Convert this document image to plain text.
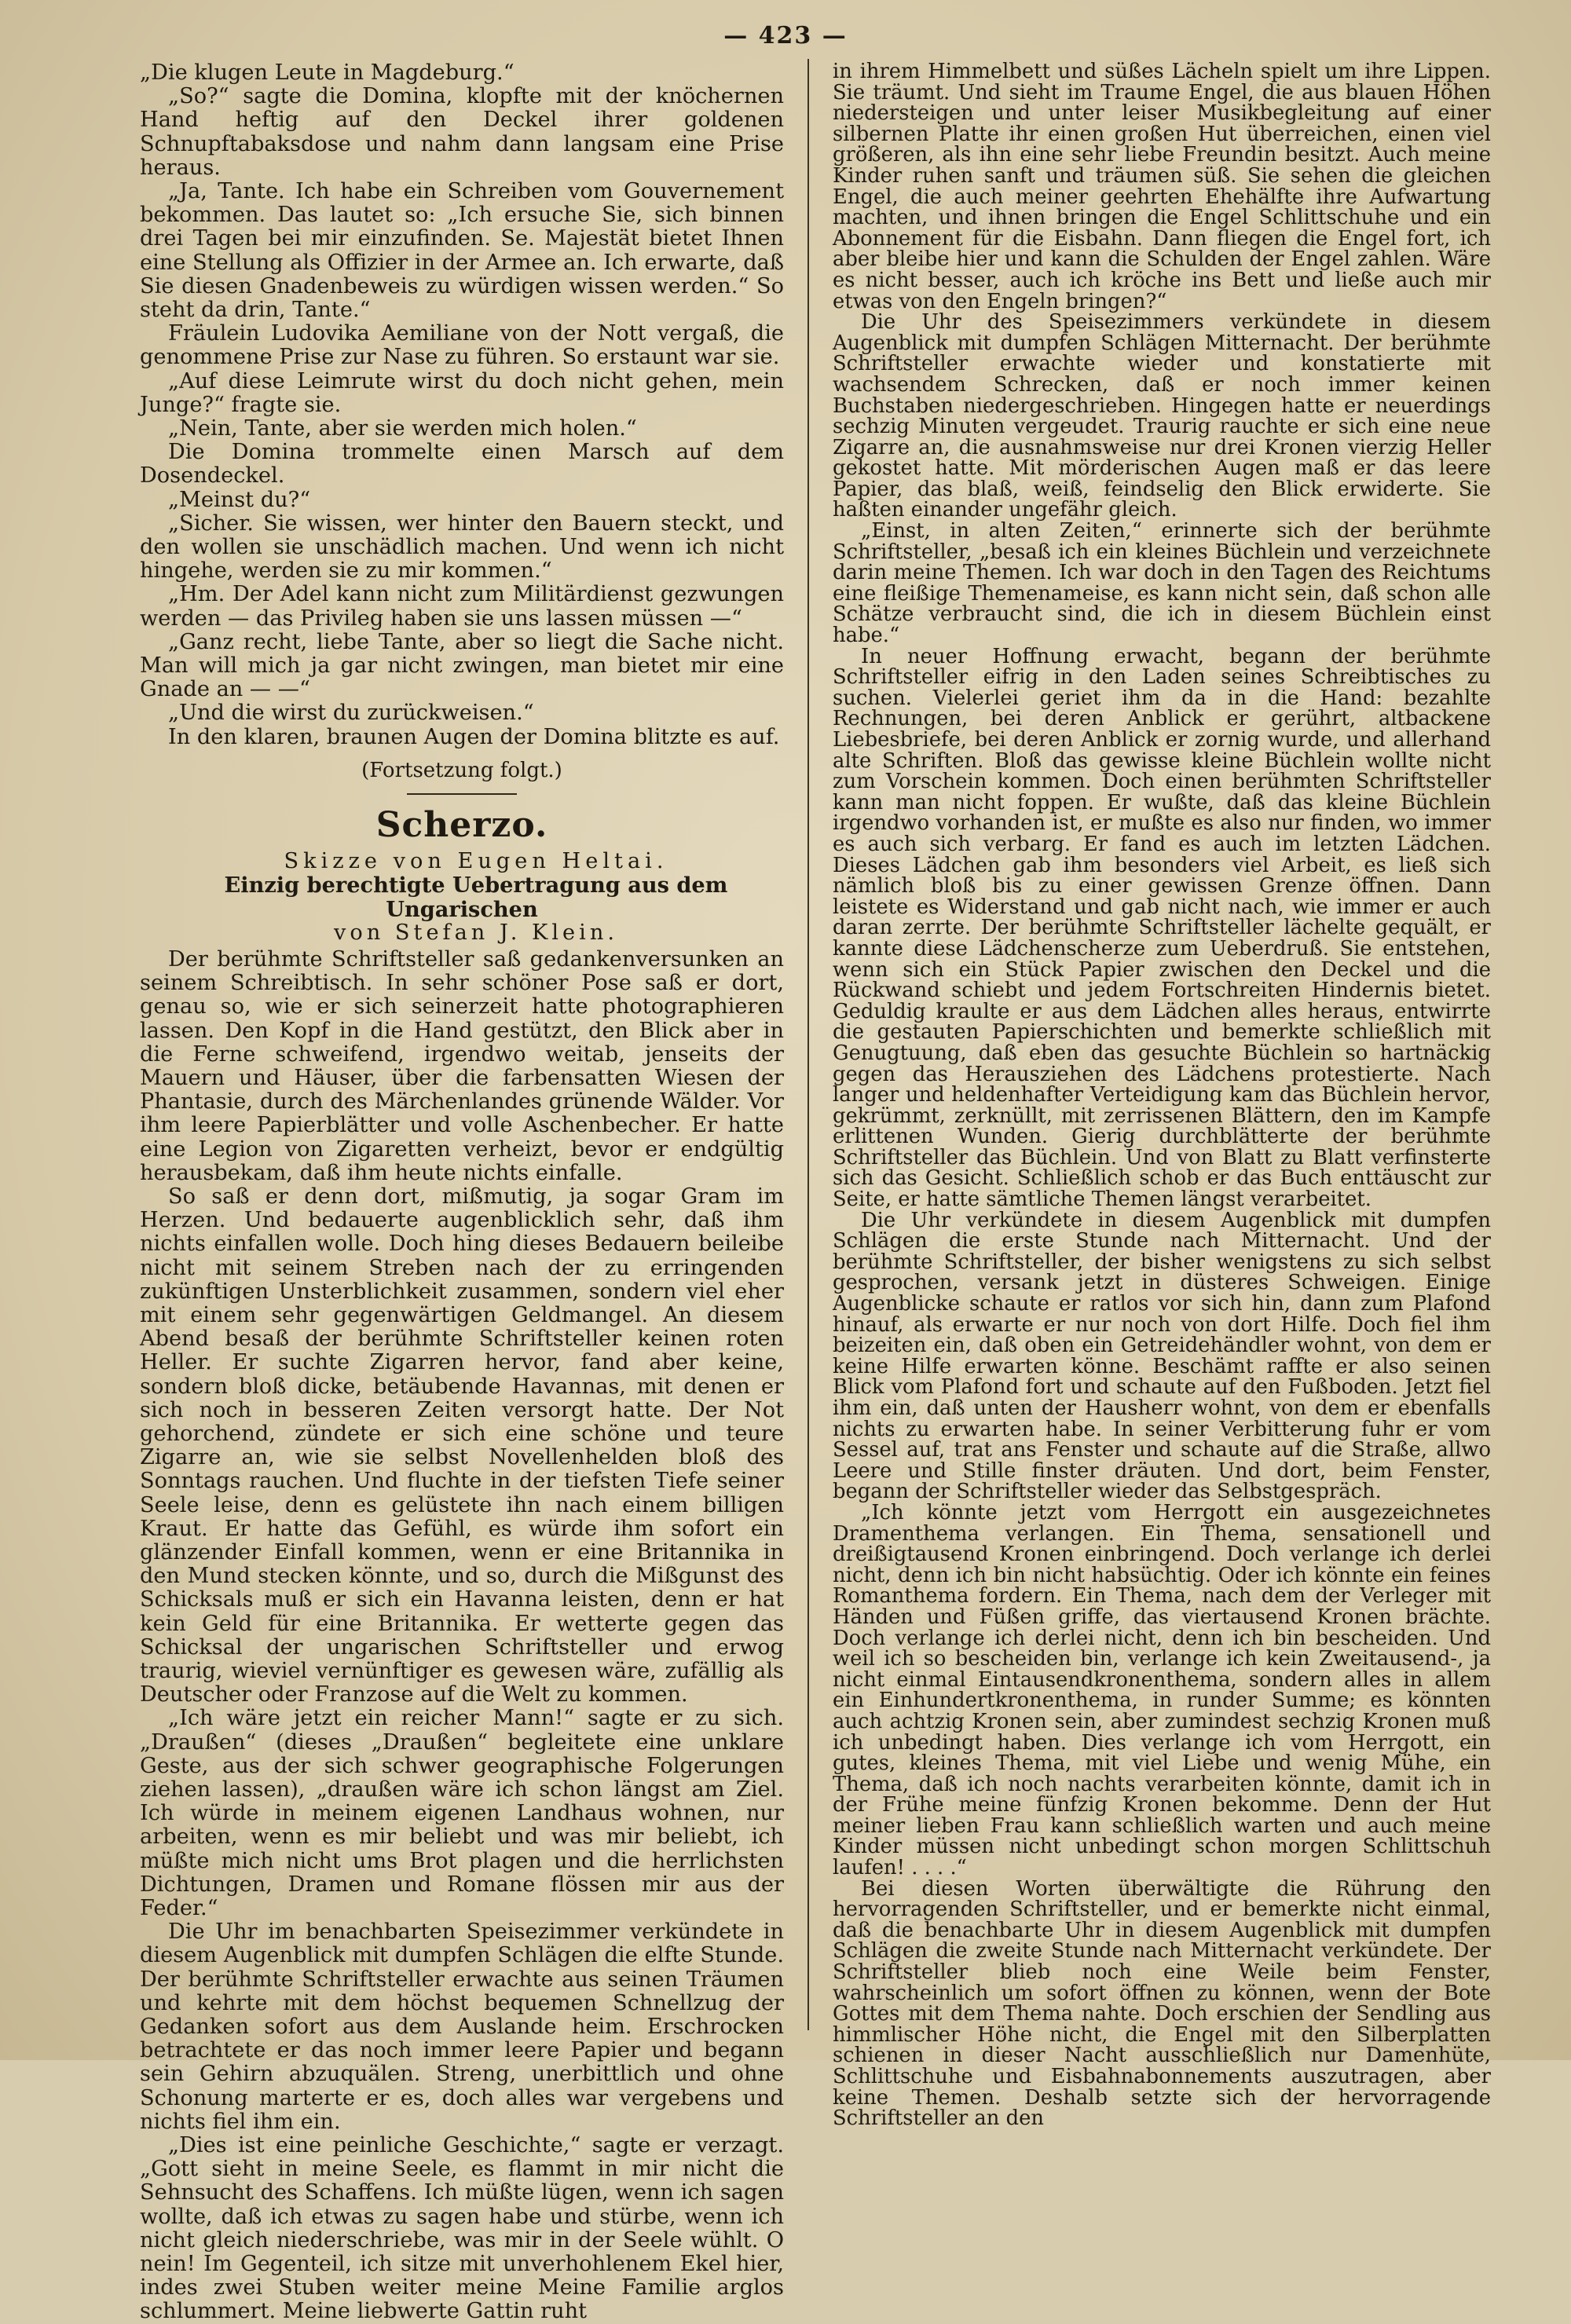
— 423 —

„Die klugen Leute in Magdeburg.“

„So?“ sagte die Domina, klopfte mit der knöchernen Hand heftig auf den Deckel ihrer goldenen Schnupftabaksdose und nahm dann langsam eine Prise heraus.

„Ja, Tante. Ich habe ein Schreiben vom Gouvernement bekommen. Das lautet so: „Ich ersuche Sie, sich binnen drei Tagen bei mir einzufinden. Se. Majestät bietet Ihnen eine Stellung als Offizier in der Armee an. Ich erwarte, daß Sie diesen Gnadenbeweis zu würdigen wissen werden.“ So steht da drin, Tante.“

Fräulein Ludovika Aemiliane von der Nott vergaß, die genommene Prise zur Nase zu führen. So erstaunt war sie.

„Auf diese Leimrute wirst du doch nicht gehen, mein Junge?“ fragte sie.

„Nein, Tante, aber sie werden mich holen.“

Die Domina trommelte einen Marsch auf dem Dosendeckel.

„Meinst du?“

„Sicher. Sie wissen, wer hinter den Bauern steckt, und den wollen sie unschädlich machen. Und wenn ich nicht hingehe, werden sie zu mir kommen.“

„Hm. Der Adel kann nicht zum Militärdienst gezwungen werden — das Privileg haben sie uns lassen müssen —“

„Ganz recht, liebe Tante, aber so liegt die Sache nicht. Man will mich ja gar nicht zwingen, man bietet mir eine Gnade an — —“

„Und die wirst du zurückweisen.“

In den klaren, braunen Augen der Domina blitzte es auf.

(Fortsetzung folgt.)

Scherzo.

Skizze von Eugen Heltai.

Einzig berechtigte Uebertragung aus dem Ungarischen

von Stefan J. Klein.

Der berühmte Schriftsteller saß gedankenversunken an seinem Schreibtisch. In sehr schöner Pose saß er dort, genau so, wie er sich seinerzeit hatte photographieren lassen. Den Kopf in die Hand gestützt, den Blick aber in die Ferne schweifend, irgendwo weitab, jenseits der Mauern und Häuser, über die farbensatten Wiesen der Phantasie, durch des Märchenlandes grünende Wälder. Vor ihm leere Papierblätter und volle Aschenbecher. Er hatte eine Legion von Zigaretten verheizt, bevor er endgültig herausbekam, daß ihm heute nichts einfalle.

So saß er denn dort, mißmutig, ja sogar Gram im Herzen. Und bedauerte augenblicklich sehr, daß ihm nichts einfallen wolle. Doch hing dieses Bedauern beileibe nicht mit seinem Streben nach der zu erringenden zukünftigen Unsterblichkeit zusammen, sondern viel eher mit einem sehr gegenwärtigen Geldmangel. An diesem Abend besaß der berühmte Schriftsteller keinen roten Heller. Er suchte Zigarren hervor, fand aber keine, sondern bloß dicke, betäubende Havannas, mit denen er sich noch in besseren Zeiten versorgt hatte. Der Not gehorchend, zündete er sich eine schöne und teure Zigarre an, wie sie selbst Novellenhelden bloß des Sonntags rauchen. Und fluchte in der tiefsten Tiefe seiner Seele leise, denn es gelüstete ihn nach einem billigen Kraut. Er hatte das Gefühl, es würde ihm sofort ein glänzender Einfall kommen, wenn er eine Britannika in den Mund stecken könnte, und so, durch die Mißgunst des Schicksals muß er sich ein Havanna leisten, denn er hat kein Geld für eine Britannika. Er wetterte gegen das Schicksal der ungarischen Schriftsteller und erwog traurig, wieviel vernünftiger es gewesen wäre, zufällig als Deutscher oder Franzose auf die Welt zu kommen.

„Ich wäre jetzt ein reicher Mann!“ sagte er zu sich. „Draußen“ (dieses „Draußen“ begleitete eine unklare Geste, aus der sich schwer geographische Folgerungen ziehen lassen), „draußen wäre ich schon längst am Ziel. Ich würde in meinem eigenen Landhaus wohnen, nur arbeiten, wenn es mir beliebt und was mir beliebt, ich müßte mich nicht ums Brot plagen und die herrlichsten Dichtungen, Dramen und Romane flössen mir aus der Feder.“

Die Uhr im benachbarten Speisezimmer verkündete in diesem Augenblick mit dumpfen Schlägen die elfte Stunde. Der berühmte Schriftsteller erwachte aus seinen Träumen und kehrte mit dem höchst bequemen Schnellzug der Gedanken sofort aus dem Auslande heim. Erschrocken betrachtete er das noch immer leere Papier und begann sein Gehirn abzuquälen. Streng, unerbittlich und ohne Schonung marterte er es, doch alles war vergebens und nichts fiel ihm ein.

„Dies ist eine peinliche Geschichte,“ sagte er verzagt. „Gott sieht in meine Seele, es flammt in mir nicht die Sehnsucht des Schaffens. Ich müßte lügen, wenn ich sagen wollte, daß ich etwas zu sagen habe und stürbe, wenn ich nicht gleich niederschriebe, was mir in der Seele wühlt. O nein! Im Gegenteil, ich sitze mit unverhohlenem Ekel hier, indes zwei Stuben weiter meine Meine Familie arglos schlummert. Meine liebwerte Gattin ruht

in ihrem Himmelbett und süßes Lächeln spielt um ihre Lippen. Sie träumt. Und sieht im Traume Engel, die aus blauen Höhen niedersteigen und unter leiser Musikbegleitung auf einer silbernen Platte ihr einen großen Hut überreichen, einen viel größeren, als ihn eine sehr liebe Freundin besitzt. Auch meine Kinder ruhen sanft und träumen süß. Sie sehen die gleichen Engel, die auch meiner geehrten Ehehälfte ihre Aufwartung machten, und ihnen bringen die Engel Schlittschuhe und ein Abonnement für die Eisbahn. Dann fliegen die Engel fort, ich aber bleibe hier und kann die Schulden der Engel zahlen. Wäre es nicht besser, auch ich kröche ins Bett und ließe auch mir etwas von den Engeln bringen?“

Die Uhr des Speisezimmers verkündete in diesem Augenblick mit dumpfen Schlägen Mitternacht. Der berühmte Schriftsteller erwachte wieder und konstatierte mit wachsendem Schrecken, daß er noch immer keinen Buchstaben niedergeschrieben. Hingegen hatte er neuerdings sechzig Minuten vergeudet. Traurig rauchte er sich eine neue Zigarre an, die ausnahmsweise nur drei Kronen vierzig Heller gekostet hatte. Mit mörderischen Augen maß er das leere Papier, das blaß, weiß, feindselig den Blick erwiderte. Sie haßten einander ungefähr gleich.

„Einst, in alten Zeiten,“ erinnerte sich der berühmte Schriftsteller, „besaß ich ein kleines Büchlein und verzeichnete darin meine Themen. Ich war doch in den Tagen des Reichtums eine fleißige Themenameise, es kann nicht sein, daß schon alle Schätze verbraucht sind, die ich in diesem Büchlein einst habe.“

In neuer Hoffnung erwacht, begann der berühmte Schriftsteller eifrig in den Laden seines Schreibtisches zu suchen. Vielerlei geriet ihm da in die Hand: bezahlte Rechnungen, bei deren Anblick er gerührt, altbackene Liebesbriefe, bei deren Anblick er zornig wurde, und allerhand alte Schriften. Bloß das gewisse kleine Büchlein wollte nicht zum Vorschein kommen. Doch einen berühmten Schriftsteller kann man nicht foppen. Er wußte, daß das kleine Büchlein irgendwo vorhanden ist, er mußte es also nur finden, wo immer es auch sich verbarg. Er fand es auch im letzten Lädchen. Dieses Lädchen gab ihm besonders viel Arbeit, es ließ sich nämlich bloß bis zu einer gewissen Grenze öffnen. Dann leistete es Widerstand und gab nicht nach, wie immer er auch daran zerrte. Der berühmte Schriftsteller lächelte gequält, er kannte diese Lädchenscherze zum Ueberdruß. Sie entstehen, wenn sich ein Stück Papier zwischen den Deckel und die Rückwand schiebt und jedem Fortschreiten Hindernis bietet. Geduldig kraulte er aus dem Lädchen alles heraus, entwirrte die gestauten Papierschichten und bemerkte schließlich mit Genugtuung, daß eben das gesuchte Büchlein so hartnäckig gegen das Herausziehen des Lädchens protestierte. Nach langer und heldenhafter Verteidigung kam das Büchlein hervor, gekrümmt, zerknüllt, mit zerrissenen Blättern, den im Kampfe erlittenen Wunden. Gierig durchblätterte der berühmte Schriftsteller das Büchlein. Und von Blatt zu Blatt verfinsterte sich das Gesicht. Schließlich schob er das Buch enttäuscht zur Seite, er hatte sämtliche Themen längst verarbeitet.

Die Uhr verkündete in diesem Augenblick mit dumpfen Schlägen die erste Stunde nach Mitternacht. Und der berühmte Schriftsteller, der bisher wenigstens zu sich selbst gesprochen, versank jetzt in düsteres Schweigen. Einige Augenblicke schaute er ratlos vor sich hin, dann zum Plafond hinauf, als erwarte er nur noch von dort Hilfe. Doch fiel ihm beizeiten ein, daß oben ein Getreidehändler wohnt, von dem er keine Hilfe erwarten könne. Beschämt raffte er also seinen Blick vom Plafond fort und schaute auf den Fußboden. Jetzt fiel ihm ein, daß unten der Hausherr wohnt, von dem er ebenfalls nichts zu erwarten habe. In seiner Verbitterung fuhr er vom Sessel auf, trat ans Fenster und schaute auf die Straße, allwo Leere und Stille finster dräuten. Und dort, beim Fenster, begann der Schriftsteller wieder das Selbstgespräch.

„Ich könnte jetzt vom Herrgott ein ausgezeichnetes Dramenthema verlangen. Ein Thema, sensationell und dreißigtausend Kronen einbringend. Doch verlange ich derlei nicht, denn ich bin nicht habsüchtig. Oder ich könnte ein feines Romanthema fordern. Ein Thema, nach dem der Verleger mit Händen und Füßen griffe, das viertausend Kronen brächte. Doch verlange ich derlei nicht, denn ich bin bescheiden. Und weil ich so bescheiden bin, verlange ich kein Zweitausend-, ja nicht einmal Eintausendkronenthema, sondern alles in allem ein Einhundertkronenthema, in runder Summe; es könnten auch achtzig Kronen sein, aber zumindest sechzig Kronen muß ich unbedingt haben. Dies verlange ich vom Herrgott, ein gutes, kleines Thema, mit viel Liebe und wenig Mühe, ein Thema, daß ich noch nachts verarbeiten könnte, damit ich in der Frühe meine fünfzig Kronen bekomme. Denn der Hut meiner lieben Frau kann schließlich warten und auch meine Kinder müssen nicht unbedingt schon morgen Schlittschuh laufen! . . . .“

Bei diesen Worten überwältigte die Rührung den hervorragenden Schriftsteller, und er bemerkte nicht einmal, daß die benachbarte Uhr in diesem Augenblick mit dumpfen Schlägen die zweite Stunde nach Mitternacht verkündete. Der Schriftsteller blieb noch eine Weile beim Fenster, wahrscheinlich um sofort öffnen zu können, wenn der Bote Gottes mit dem Thema nahte. Doch erschien der Sendling aus himmlischer Höhe nicht, die Engel mit den Silberplatten schienen in dieser Nacht ausschließlich nur Damenhüte, Schlittschuhe und Eisbahnabonnements auszutragen, aber keine Themen. Deshalb setzte sich der hervorragende Schriftsteller an den
